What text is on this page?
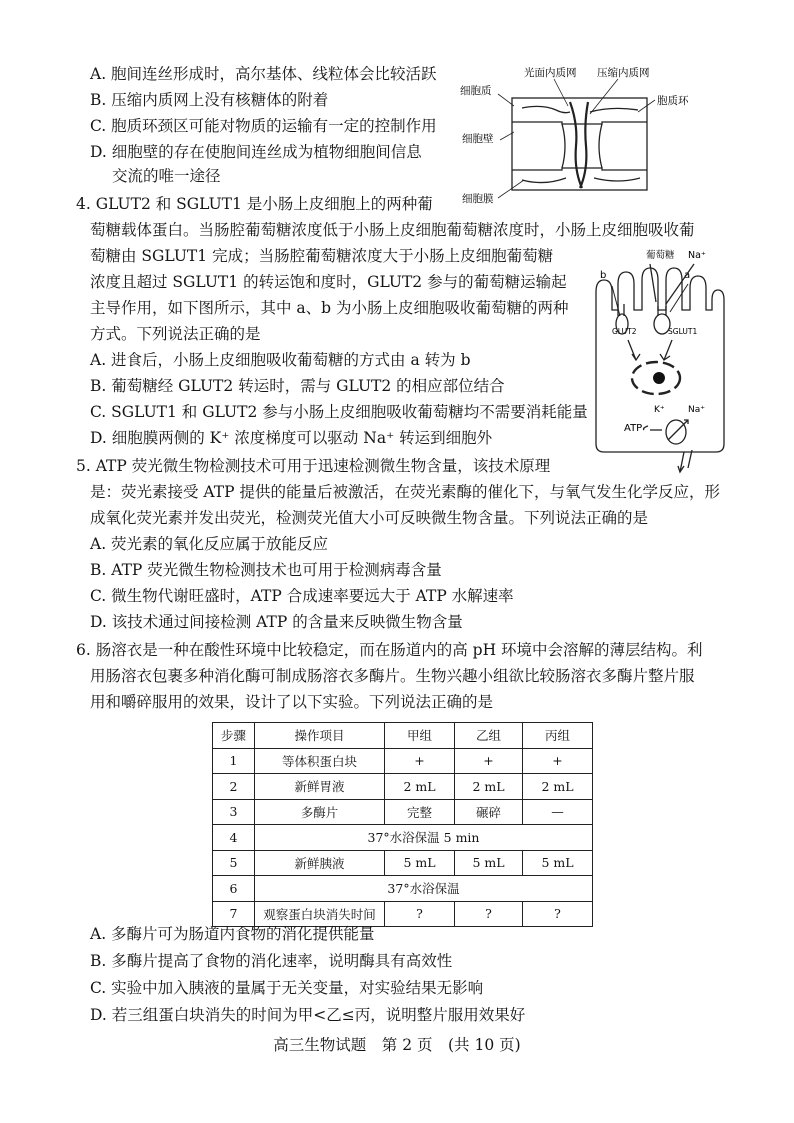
A. 胞间连丝形成时，高尔基体、线粒体会比较活跃
B. 压缩内质网上没有核糖体的附着
C. 胞质环颈区可能对物质的运输有一定的控制作用
D. 细胞壁的存在使胞间连丝成为植物细胞间信息
交流的唯一途径
光面内质网 压缩内质网
细胞质
胞质环
细胞壁
细胞膜
4. GLUT2 和 SGLUT1 是小肠上皮细胞上的两种葡
萄糖载体蛋白。当肠腔葡萄糖浓度低于小肠上皮细胞葡萄糖浓度时，小肠上皮细胞吸收葡
萄糖由 SGLUT1 完成；当肠腔葡萄糖浓度大于小肠上皮细胞葡萄糖
浓度且超过 SGLUT1 的转运饱和度时，GLUT2 参与的葡萄糖运输起
主导作用，如下图所示，其中 a、b 为小肠上皮细胞吸收葡萄糖的两种
方式。下列说法正确的是
A. 进食后，小肠上皮细胞吸收葡萄糖的方式由 a 转为 b
B. 葡萄糖经 GLUT2 转运时，需与 GLUT2 的相应部位结合
C. SGLUT1 和 GLUT2 参与小肠上皮细胞吸收葡萄糖均不需要消耗能量
D. 细胞膜两侧的 K⁺ 浓度梯度可以驱动 Na⁺ 转运到细胞外
葡萄糖 Na⁺
b	a
GLUT2	SGLUT1
K⁺	Na⁺
ATP
5. ATP 荧光微生物检测技术可用于迅速检测微生物含量，该技术原理
是：荧光素接受 ATP 提供的能量后被激活，在荧光素酶的催化下，与氧气发生化学反应，形
成氧化荧光素并发出荧光，检测荧光值大小可反映微生物含量。下列说法正确的是
A. 荧光素的氧化反应属于放能反应
B. ATP 荧光微生物检测技术也可用于检测病毒含量
C. 微生物代谢旺盛时，ATP 合成速率要远大于 ATP 水解速率
D. 该技术通过间接检测 ATP 的含量来反映微生物含量
6. 肠溶衣是一种在酸性环境中比较稳定，而在肠道内的高 pH 环境中会溶解的薄层结构。利
用肠溶衣包裹多种消化酶可制成肠溶衣多酶片。生物兴趣小组欲比较肠溶衣多酶片整片服
用和嚼碎服用的效果，设计了以下实验。下列说法正确的是
步骤	操作项目	甲组	乙组	丙组
1	等体积蛋白块	+	+	+
2	新鲜胃液	2 mL	2 mL	2 mL
3	多酶片	完整	碾碎	—
4	37°水浴保温 5 min			
5	新鲜胰液	5 mL	5 mL	5 mL
6	37°水浴保温			
7	观察蛋白块消失时间	?	?	?
A. 多酶片可为肠道内食物的消化提供能量
B. 多酶片提高了食物的消化速率，说明酶具有高效性
C. 实验中加入胰液的量属于无关变量，对实验结果无影响
D. 若三组蛋白块消失的时间为甲<乙≤丙，说明整片服用效果好
高三生物试题　第 2 页　(共 10 页)
